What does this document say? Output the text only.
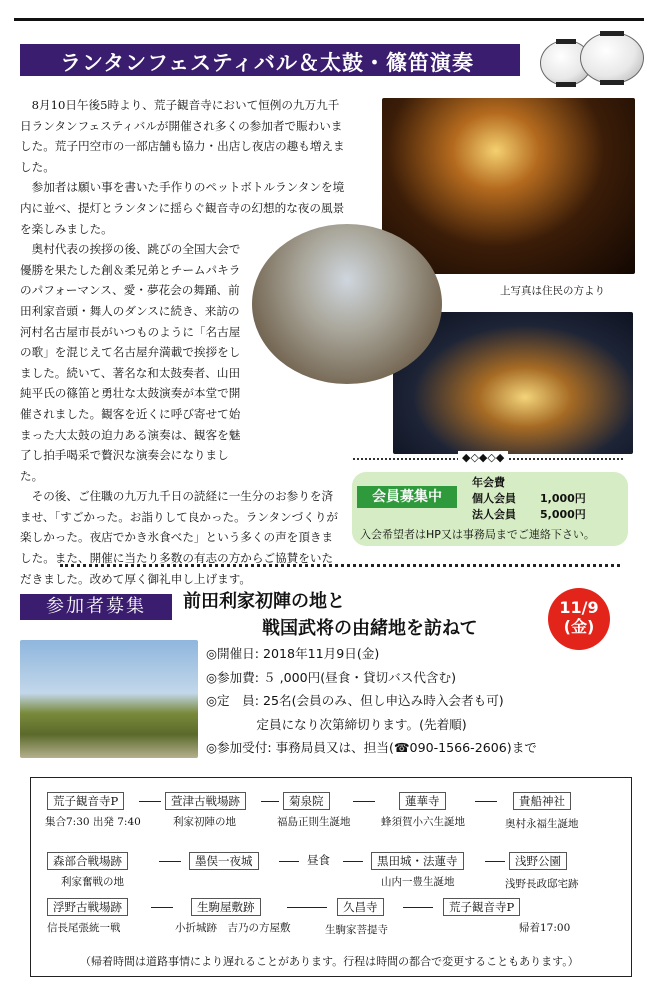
ランタンフェスティバル＆太鼓・篠笛演奏
上写真は住民の方より

8月10日午後5時より、荒子観音寺において恒例の九万九千日ランタンフェスティバルが開催され多くの参加者で賑わいました。荒子円空市の一部店舗も協力・出店し夜店の趣も増えました。

参加者は願い事を書いた手作りのペットボトルランタンを境内に並べ、提灯とランタンに揺らぐ観音寺の幻想的な夜の風景を楽しみました。

奥村代表の挨拶の後、跳びの全国大会で優勝を果たした創＆柔兄弟とチームパキラのパフォーマンス、愛・夢花会の舞踊、前田利家音頭・舞人のダンスに続き、来訪の河村名古屋市長がいつものように「名古屋の歌」を混じえて名古屋弁満載で挨拶をしました。続いて、著名な和太鼓奏者、山田純平氏の篠笛と勇壮な太鼓演奏が本堂で開催されました。観客を近くに呼び寄せて始まった大太鼓の迫力ある演奏は、観客を魅了し拍手喝采で贅沢な演奏会になりました。

その後、ご住職の九万九千日の読経に一生分のお参りを済ませ、「すごかった。お詣りして良かった。ランタンづくりが楽しかった。夜店でかき氷食べた」という多くの声を頂きました。また、開催に当たり多数の有志の方からご協賛をいただきました。改めて厚く御礼申し上げます。

◆◇◆◇◆
会員募集中
年会費
個人会員 1,000円
法人会員 5,000円
入会希望者はHP又は事務局までご連絡下さい。
参加者募集	前田利家初陣の地と
戦国武将の由緒地を訪ねて
11/9
(金)
◎開催日: 2018年11月9日(金)
◎参加費: ５ ,000円(昼食・貸切バス代含む)
◎定　員: 25名(会員のみ、但し申込み時入会者も可)
　　　　定員になり次第締切ります。(先着順)
◎参加受付: 事務局員又は、担当(☎090-1566-2606)まで
荒子観音寺P
集合7:30 出発 7:40
萱津古戦場跡
利家初陣の地
菊泉院
福島正則生誕地
蓮華寺
蜂須賀小六生誕地
貴船神社
奥村永福生誕地
森部合戦場跡
利家奮戦の地
墨俣一夜城	昼食	黒田城・法蓮寺
山内一豊生誕地
浅野公園
浅野長政邸宅跡
浮野古戦場跡
信長尾張統一戦
生駒屋敷跡
小折城跡　吉乃の方屋敷
久昌寺
生駒家菩提寺
荒子観音寺P
帰着17:00
（帰着時間は道路事情により遅れることがあります。行程は時間の都合で変更することもあります。）
